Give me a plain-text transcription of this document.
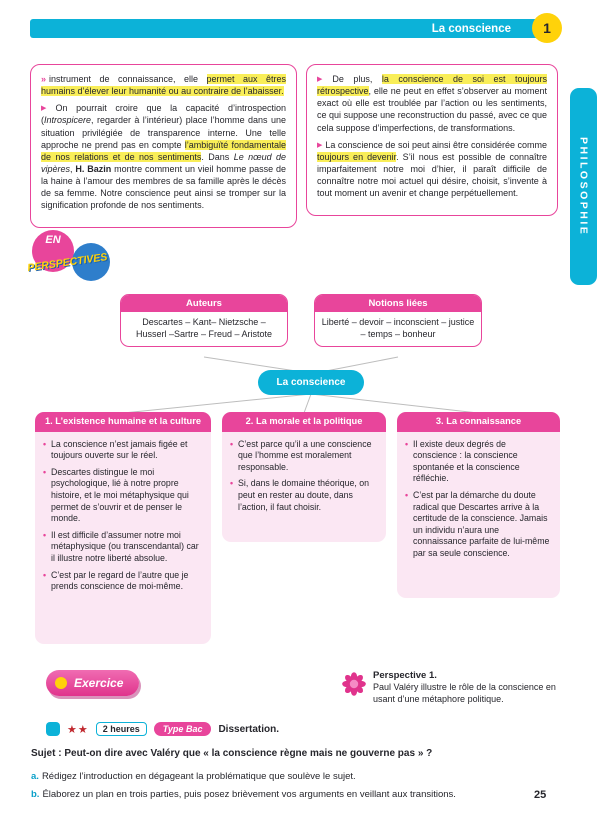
La conscience 1
PHILOSOPHIE

» instrument de connaissance, elle permet aux êtres humains d’élever leur humanité ou au contraire de l’abaisser.

▶ On pourrait croire que la capacité d’introspection (Introspicere, regarder à l’intérieur) place l’homme dans une situation privilégiée de transparence interne. Une telle approche ne prend pas en compte l’ambiguïté fondamentale de nos relations et de nos sentiments. Dans Le nœud de vipères, H. Bazin montre comment un vieil homme passe de la haine à l’amour des membres de sa famille après le décès de sa femme. Notre conscience peut ainsi se tromper sur la signification profonde de nos sentiments.

▶ De plus, la conscience de soi est toujours rétrospective, elle ne peut en effet s’observer au moment exact où elle est troublée par l’action ou les sentiments, ce qui suppose une reconstruction du passé, avec ce que cela suppose d’imperfections, de transformations.

▶ La conscience de soi peut ainsi être considérée comme toujours en devenir. S’il nous est possible de connaître imparfaitement notre moi d’hier, il paraît difficile de connaître notre moi actuel qui désire, choisit, s’invente à tout moment un avenir et change perpétuellement.

EN
PERSPECTIVES
Auteurs
Descartes – Kant– Nietzsche – Husserl –Sartre – Freud – Aristote
Notions liées
Liberté – devoir – inconscient – justice – temps – bonheur
La conscience
1. L’existence humaine et la culture
• La conscience n’est jamais figée et toujours ouverte sur le réel.
• Descartes distingue le moi psychologique, lié à notre propre histoire, et le moi métaphysique qui permet de s’ouvrir et de penser le monde.
• Il est difficile d’assumer notre moi métaphysique (ou transcendantal) car il illustre notre liberté absolue.
• C’est par le regard de l’autre que je prends conscience de moi-même.
2. La morale et la politique
• C’est parce qu’il a une conscience que l’homme est moralement responsable.
• Si, dans le domaine théorique, on peut en rester au doute, dans l’action, il faut choisir.
3. La connaissance
• Il existe deux degrés de conscience : la conscience spontanée et la conscience réfléchie.
• C’est par la démarche du doute radical que Descartes arrive à la certitude de la conscience. Jamais un individu n’aura une connaissance parfaite de lui-même par sa seule conscience.
Exercice
Perspective 1.
Paul Valéry illustre le rôle de la conscience en usant d’une métaphore politique.
★★	2 heures	Type Bac	Dissertation.
Sujet : Peut-on dire avec Valéry que « la conscience règne mais ne gouverne pas » ?
a. Rédigez l’introduction en dégageant la problématique que soulève le sujet.
b. Élaborez un plan en trois parties, puis posez brièvement vos arguments en veillant aux transitions.	25
